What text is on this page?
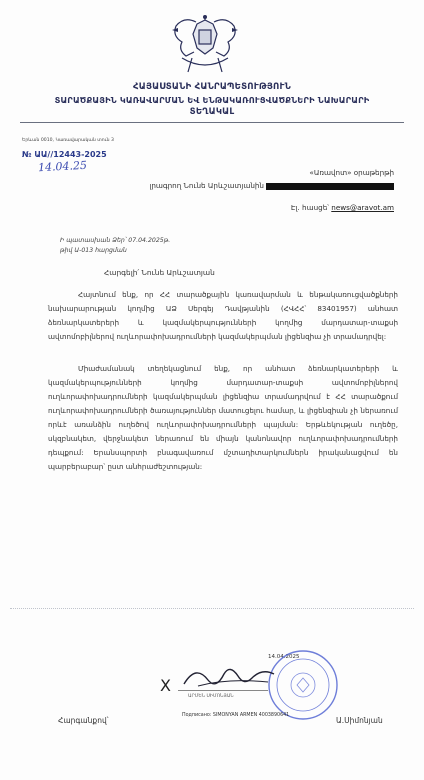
ՀԱՅԱՍՏԱՆԻ ՀԱՆՐԱՊԵՏՈՒԹՅՈՒՆ
ՏԱՐԱԾՔԱՅԻՆ ԿԱՌԱՎԱՐՄԱՆ ԵՎ ԵՆԹԱԿԱՌՈՒՑՎԱԾՔՆԵՐԻ ՆԱԽԱՐԱՐԻ
ՏԵՂԱԿԱԼ
Երևան 0010, Կառավարական տուն 3
№ ԱԱ//12443-2025
14.04.25	«Առավոտ» օրաթերթի
լրագրող Նունե Արևշատյանին
Էլ. հասցե՝ news@aravot.am
Ի պատասխան Ձեր՝ 07.04.2025թ.
թիվ Ա-013 հարցման
Հարգելի՛ Նունե Արևշատյան

Հայտնում ենք, որ ՀՀ տարածքային կառավարման և ենթակառուցվածքների նախարարության կողմից ԱՁ Սերգեյ Դավթյանին (ՀՎՀՀ՝ 83401957) անհատ ձեռնարկատերերի և կազմակերպությունների կողմից մարդատար-տաքսի ավտոմոբիլներով ուղևորափոխադրումների կազմակերպման լիցենզիա չի տրամադրվել:

Միաժամանակ տեղեկացնում ենք, որ անհատ ձեռնարկատերերի և կազմակերպությունների կողմից մարդատար-տաքսի ավտոմոբիլներով ուղևորափոխադրումների կազմակերպման լիցենզիա տրամադրվում է ՀՀ տարածքում ուղևորափոխադրումների ծառայություններ մատուցելու համար, և լիցենզիան չի ներառում որևէ առանձին ուղեծով ուղևորափոխադրումների պայման: Երթևեկության ուղեծը, սկզբնակետ, վերջնակետ ներառում են միայն կանոնավոր ուղևորափոխադրումների դեպքում: Երանսպորտի բնագավառում մշտադիտարկումներն իրականացվում են պարբերաբար՝ ըստ անհրաժեշտության:

14.04.2025
X
ԱՐՄԵՆ ՍԻՄՈՆՅԱՆ
Подписано: SIMONYAN ARMEN 4003890641
Հարգանքով՝	Ա.Սիմոնյան
